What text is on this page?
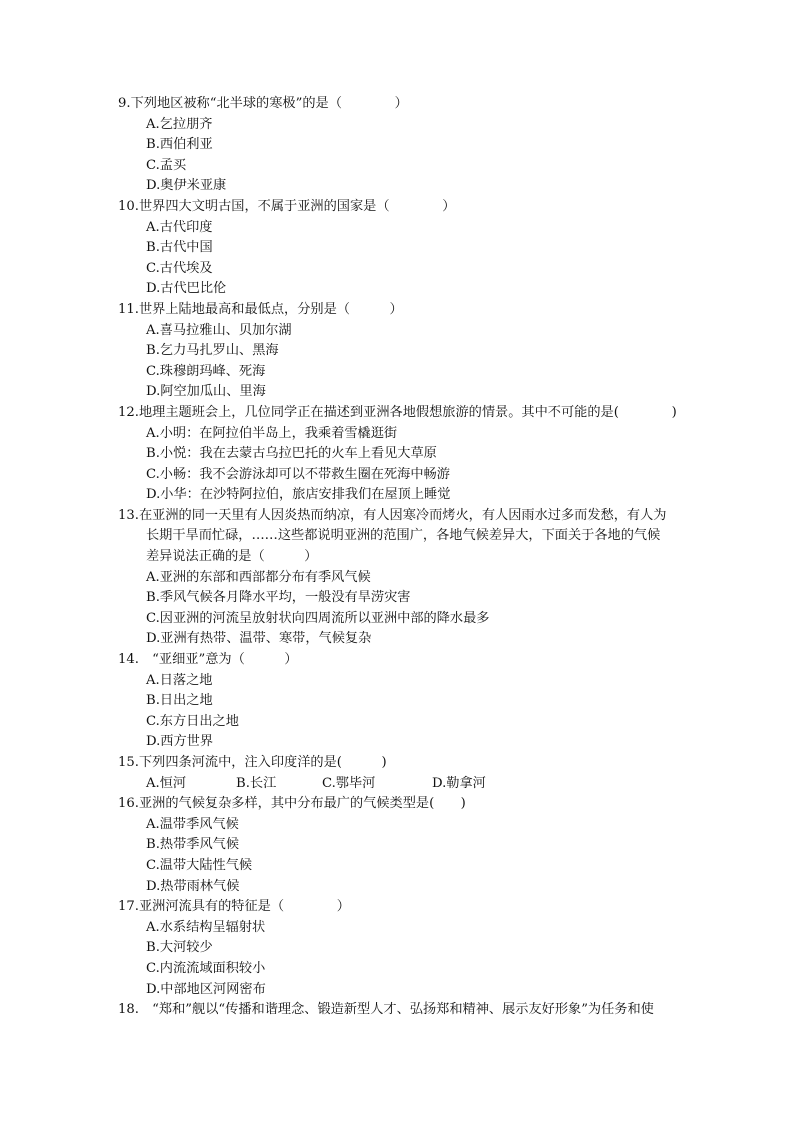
9.下列地区被称“北半球的寒极”的是（　　　　）
A.乞拉朋齐
B.西伯利亚
C.孟买
D.奥伊米亚康
10.世界四大文明古国，不属于亚洲的国家是（　　　　）
A.古代印度
B.古代中国
C.古代埃及
D.古代巴比伦
11.世界上陆地最高和最低点，分别是（　　　）
A.喜马拉雅山、贝加尔湖
B.乞力马扎罗山、黑海
C.珠穆朗玛峰、死海
D.阿空加瓜山、里海
12.地理主题班会上，几位同学正在描述到亚洲各地假想旅游的情景。其中不可能的是(　　　　)
A.小明：在阿拉伯半岛上，我乘着雪橇逛街
B.小悦：我在去蒙古乌拉巴托的火车上看见大草原
C.小畅：我不会游泳却可以不带救生圈在死海中畅游
D.小华：在沙特阿拉伯，旅店安排我们在屋顶上睡觉
13.在亚洲的同一天里有人因炎热而纳凉，有人因寒冷而烤火，有人因雨水过多而发愁，有人为
长期干旱而忙碌，……这些都说明亚洲的范围广，各地气候差异大，下面关于各地的气候
差异说法正确的是（　　　）
A.亚洲的东部和西部都分布有季风气候
B.季风气候各月降水平均，一般没有旱涝灾害
C.因亚洲的河流呈放射状向四周流所以亚洲中部的降水最多
D.亚洲有热带、温带、寒带，气候复杂
14.　“亚细亚”意为（　　　）
A.日落之地
B.日出之地
C.东方日出之地
D.西方世界
15.下列四条河流中，注入印度洋的是(　　　)
A.恒河	B.长江	C.鄂毕河	D.勒拿河
16.亚洲的气候复杂多样，其中分布最广的气候类型是(　　)
A.温带季风气候
B.热带季风气候
C.温带大陆性气候
D.热带雨林气候
17.亚洲河流具有的特征是（　　　　）
A.水系结构呈辐射状
B.大河较少
C.内流流域面积较小
D.中部地区河网密布
18.　“郑和”舰以“传播和谐理念、锻造新型人才、弘扬郑和精神、展示友好形象”为任务和使
